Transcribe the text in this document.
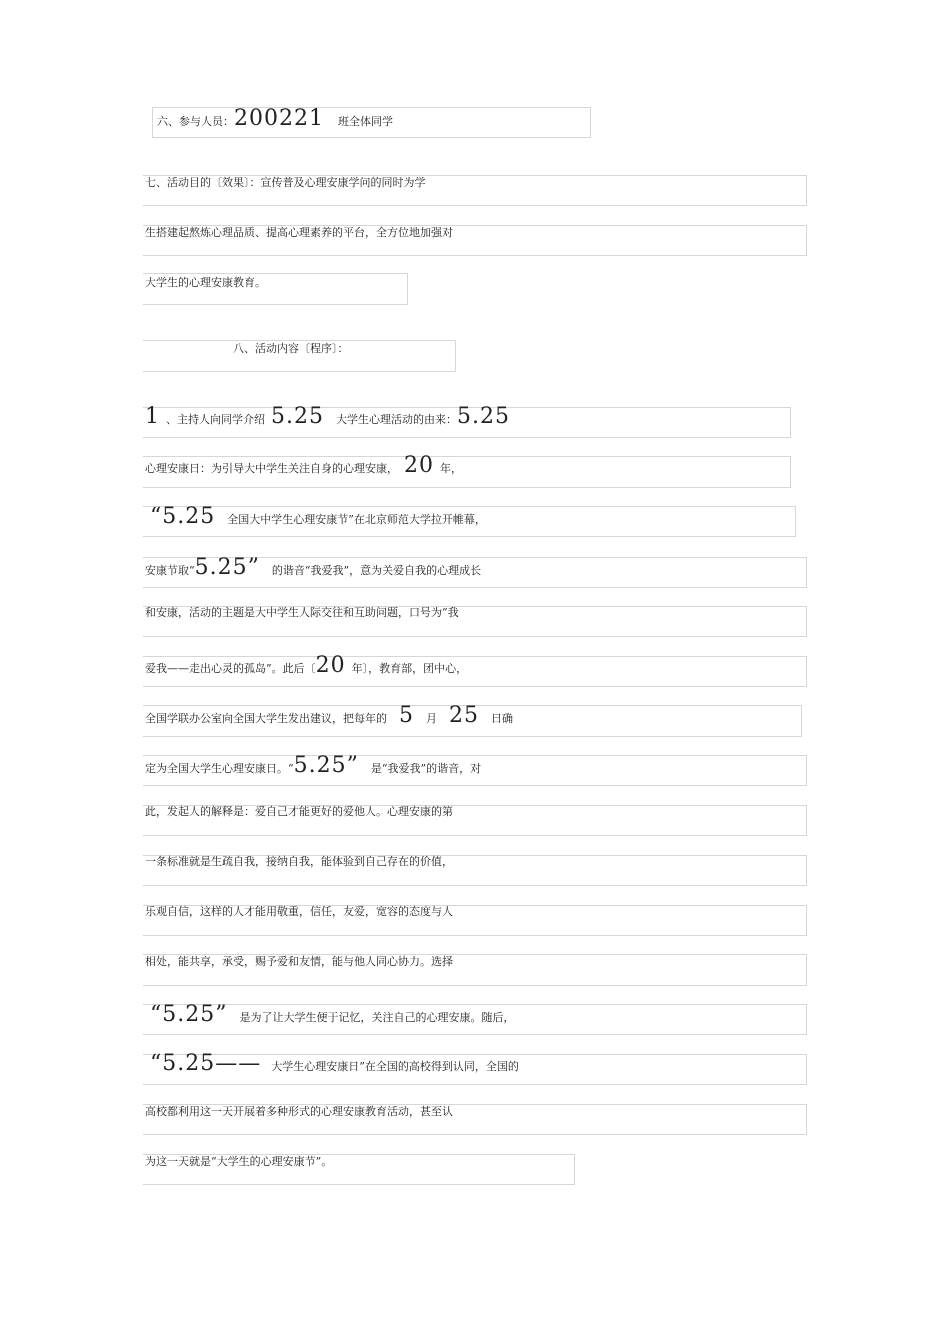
六、参与人员：200221 班全体同学
七、活动目的〔效果〕：宣传普及心理安康学问的同时为学
生搭建起熬炼心理品质、提高心理素养的平台，全方位地加强对
大学生的心理安康教育。
八、活动内容〔程序〕：
1 、主持人向同学介绍 5.25 大学生心理活动的由来：5.25
心理安康日：为引导大中学生关注自身的心理安康， 20 年，
“5.25 全国大中学生心理安康节”在北京师范大学拉开帷幕，
安康节取“5.25” 的谐音“我爱我”，意为关爱自我的心理成长
和安康，活动的主题是大中学生人际交往和互助问题，口号为“我
爱我——走出心灵的孤岛”。此后〔20 年〕，教育部，团中心，
全国学联办公室向全国大学生发出建议，把每年的 5 月 25 日确
定为全国大学生心理安康日。“5.25” 是“我爱我”的谐音，对
此，发起人的解释是：爱自己才能更好的爱他人。心理安康的第
一条标准就是生疏自我，接纳自我，能体验到自己存在的价值，
乐观自信，这样的人才能用敬重，信任，友爱，宽容的态度与人
相处，能共享，承受，赐予爱和友情，能与他人同心协力。选择
“5.25” 是为了让大学生便于记忆，关注自己的心理安康。随后，
“5.25—— 大学生心理安康日”在全国的高校得到认同，全国的
高校都利用这一天开展着多种形式的心理安康教育活动，甚至认
为这一天就是“大学生的心理安康节”。
